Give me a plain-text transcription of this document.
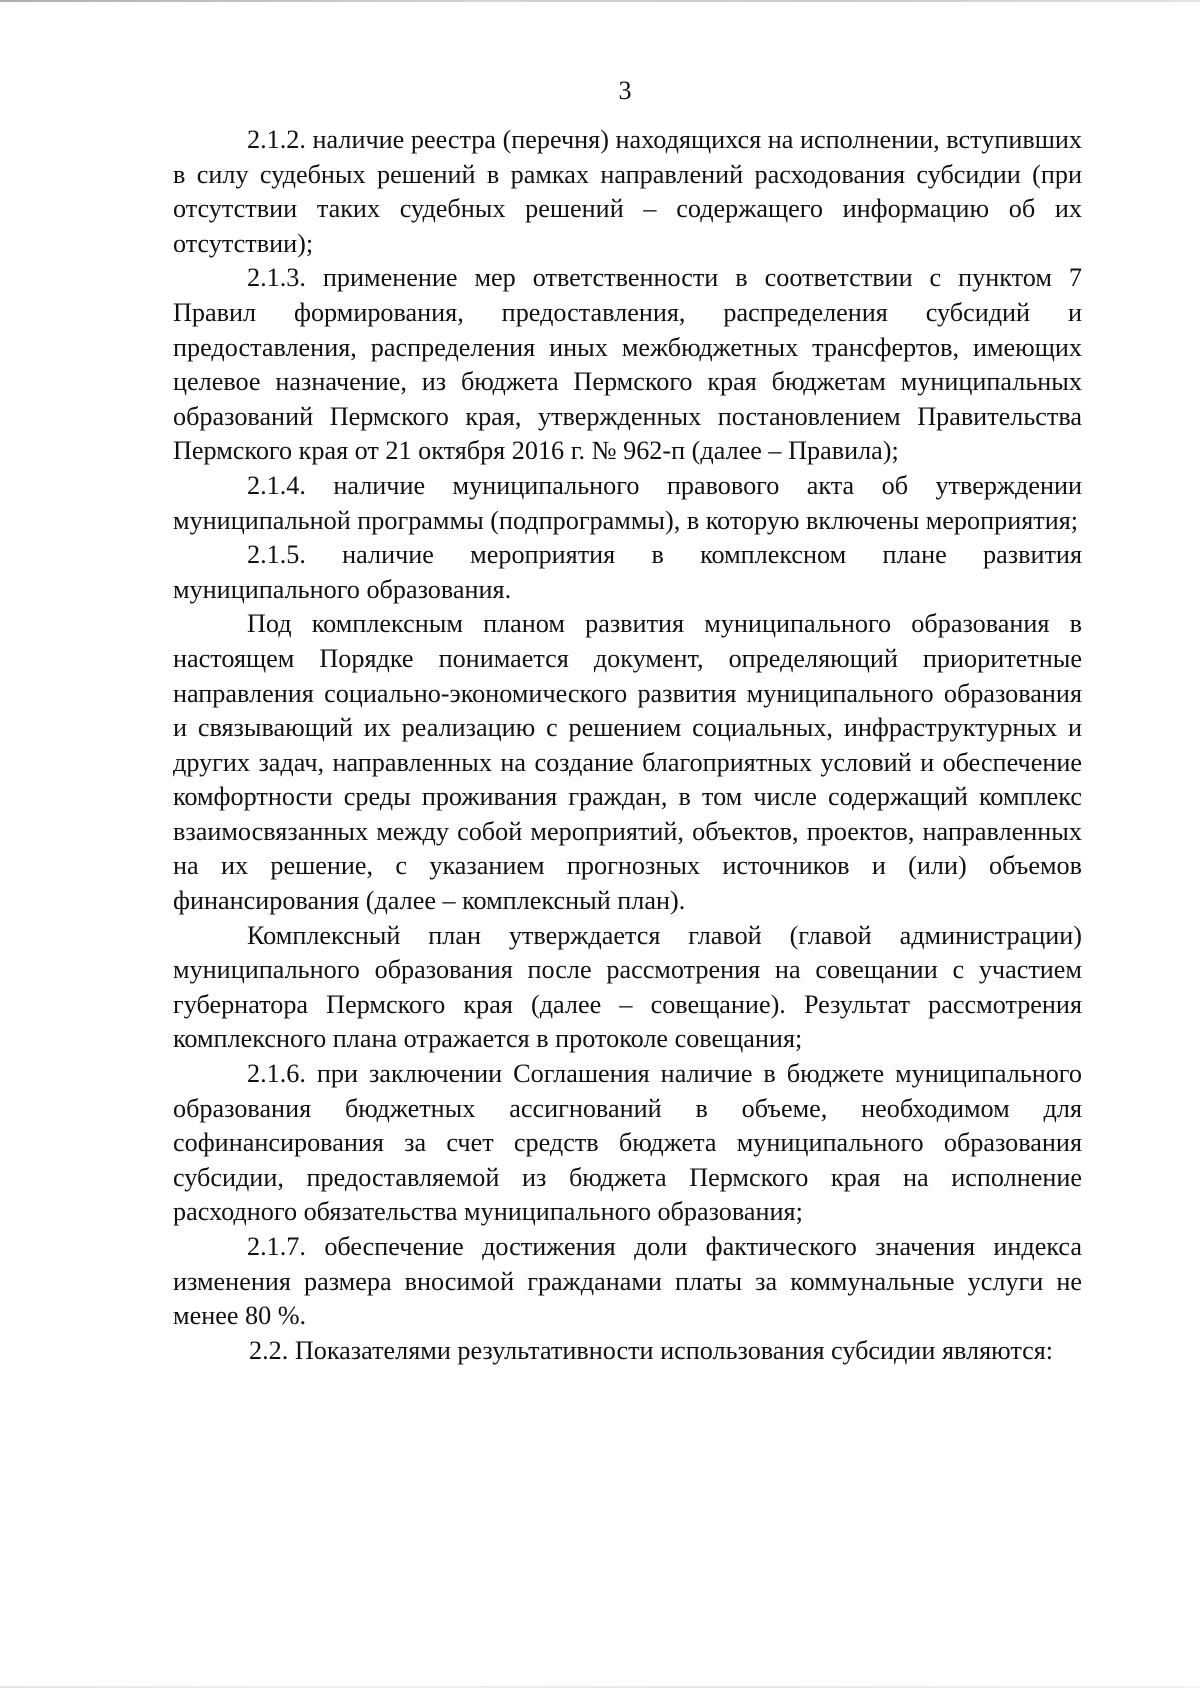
3

2.1.2. наличие реестра (перечня) находящихся на исполнении, вступивших в силу судебных решений в рамках направлений расходования субсидии (при отсутствии таких судебных решений – содержащего информацию об их отсутствии);

2.1.3. применение мер ответственности в соответствии с пунктом 7 Правил формирования, предоставления, распределения субсидий и предоставления, распределения иных межбюджетных трансфертов, имеющих целевое назначение, из бюджета Пермского края бюджетам муниципальных образований Пермского края, утвержденных постановлением Правительства Пермского края от 21 октября 2016 г. № 962-п (далее – Правила);

2.1.4. наличие муниципального правового акта об утверждении муниципальной программы (подпрограммы), в которую включены мероприятия;

2.1.5. наличие мероприятия в комплексном плане развития муниципального образования.

Под комплексным планом развития муниципального образования в настоящем Порядке понимается документ, определяющий приоритетные направления социально-экономического развития муниципального образования и связывающий их реализацию с решением социальных, инфраструктурных и других задач, направленных на создание благоприятных условий и обеспечение комфортности среды проживания граждан, в том числе содержащий комплекс взаимосвязанных между собой мероприятий, объектов, проектов, направленных на их решение, с указанием прогнозных источников и (или) объемов финансирования (далее – комплексный план).

Комплексный план утверждается главой (главой администрации) муниципального образования после рассмотрения на совещании с участием губернатора Пермского края (далее – совещание). Результат рассмотрения комплексного плана отражается в протоколе совещания;

2.1.6. при заключении Соглашения наличие в бюджете муниципального образования бюджетных ассигнований в объеме, необходимом для софинансирования за счет средств бюджета муниципального образования субсидии, предоставляемой из бюджета Пермского края на исполнение расходного обязательства муниципального образования;

2.1.7. обеспечение достижения доли фактического значения индекса изменения размера вносимой гражданами платы за коммунальные услуги не менее 80 %.

2.2. Показателями результативности использования субсидии являются:
